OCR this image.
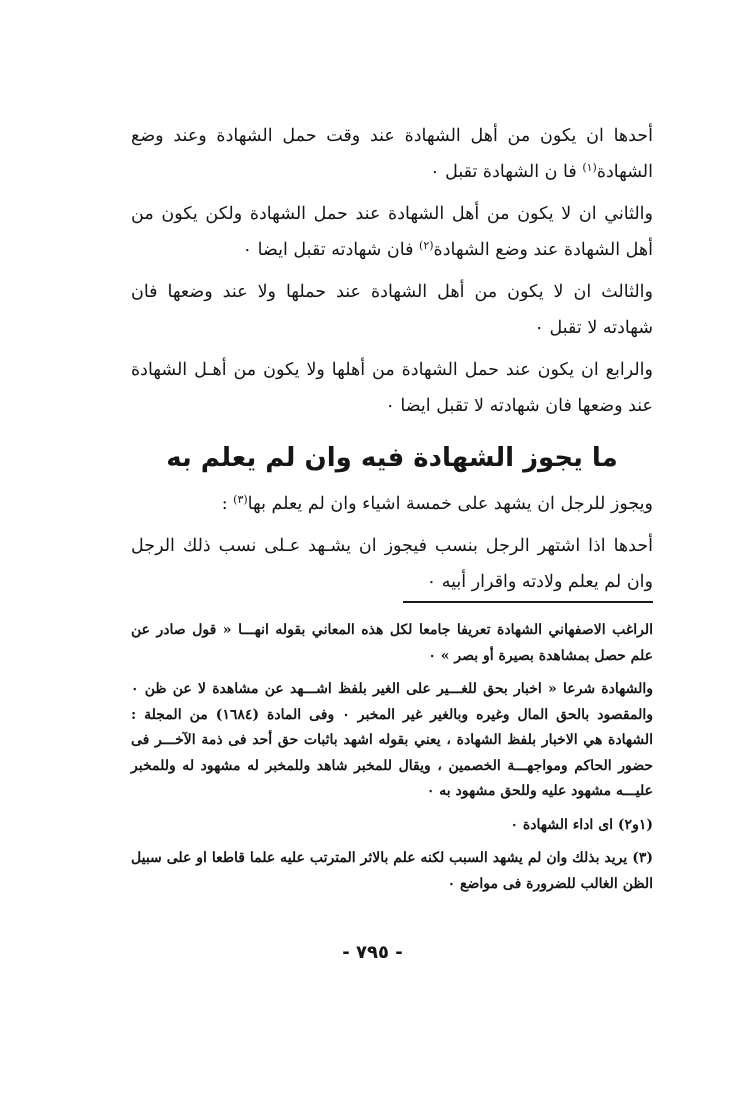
أحدها ان يكون من أهل الشهادة عند وقت حمل الشهادة وعند وضع الشهادة$^{(١)}$ فا ن الشهادة تقبل ٠

والثاني ان لا يكون من أهل الشهادة عند حمل الشهادة ولكن يكون من أهل الشهادة عند وضع الشهادة$^{(٢)}$ فان شهادته تقبل ايضا ٠

والثالث ان لا يكون من أهل الشهادة عند حملها ولا عند وضعها فان شهادته لا تقبل ٠

والرابع ان يكون عند حمل الشهادة من أهلها ولا يكون من أهـل الشهادة عند وضعها فان شهادته لا تقبل ايضا ٠

ما يجوز الشهادة فيه وان لم يعلم به

ويجوز للرجل ان يشهد على خمسة اشياء وان لم يعلم بها$^{(٣)}$ :

أحدها اذا اشتهر الرجل بنسب فيجوز ان يشـهد عـلى نسب ذلك الرجل وان لم يعلم ولادته واقرار أبيه ٠

الراغب الاصفهاني الشهادة تعريفا جامعا لكل هذه المعاني بقوله انهـــا « قول صادر عن علم حصل بمشاهدة بصيرة أو بصر » ٠

والشهادة شرعا « اخبار بحق للغـــير على الغير بلفظ اشـــهد عن مشاهدة لا عن ظن ٠ والمقصود بالحق المال وغيره وبالغير غير المخبر ٠ وفى المادة (١٦٨٤) من المجلة : الشهادة هي الاخبار بلفظ الشهادة ، يعني بقوله اشهد باثبات حق أحد فى ذمة الآخـــر فى حضور الحاكم ومواجهـــة الخصمين ، ويقال للمخبر شاهد وللمخبر له مشهود له وللمخبر عليـــه مشهود عليه وللحق مشهود به ٠

(١و٢) اى اداء الشهادة ٠

(٣) يريد بذلك وان لم يشهد السبب لكنه علم بالاثر المترتب عليه علما قاطعا او على سبيل الظن الغالب للضرورة فى مواضع ٠

- ٧٩٥ -
